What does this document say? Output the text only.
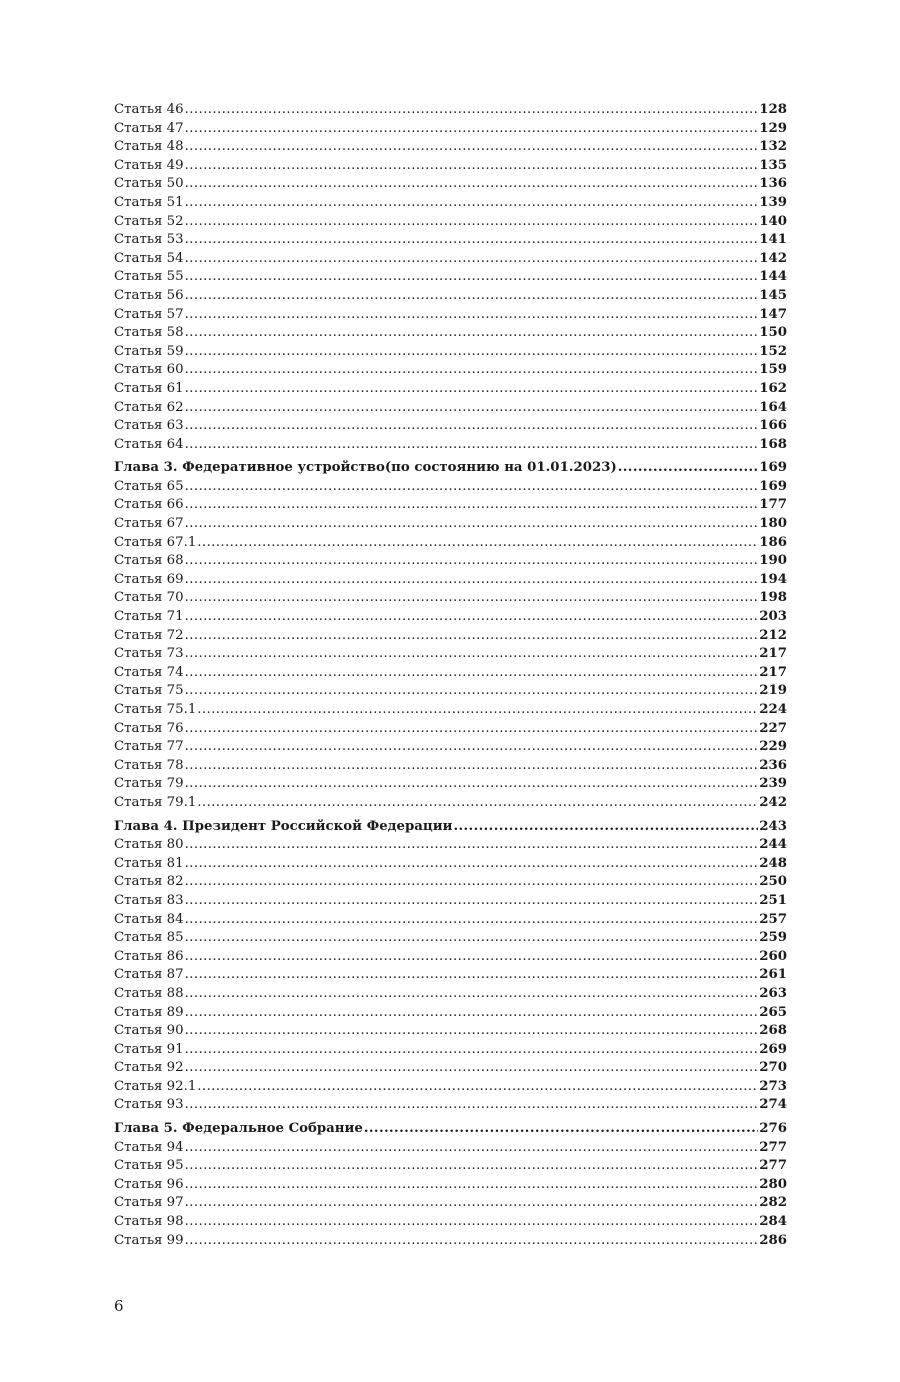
Статья 46 .....	128
Статья 47 .....	129
Статья 48 .....	132
Статья 49 .....	135
Статья 50 .....	136
Статья 51 .....	139
Статья 52 .....	140
Статья 53 .....	141
Статья 54 .....	142
Статья 55 .....	144
Статья 56 .....	145
Статья 57 .....	147
Статья 58 .....	150
Статья 59 .....	152
Статья 60 .....	159
Статья 61 .....	162
Статья 62 .....	164
Статья 63 .....	166
Статья 64 .....	168
Глава 3. Федеративное устройство(по состоянию на 01.01.2023) .....	169
Статья 65 .....	169
Статья 66 .....	177
Статья 67 .....	180
Статья 67.1 .....	186
Статья 68 .....	190
Статья 69 .....	194
Статья 70 .....	198
Статья 71 .....	203
Статья 72 .....	212
Статья 73 .....	217
Статья 74 .....	217
Статья 75 .....	219
Статья 75.1 .....	224
Статья 76 .....	227
Статья 77 .....	229
Статья 78 .....	236
Статья 79 .....	239
Статья 79.1 .....	242
Глава 4. Президент Российской Федерации .....	243
Статья 80 .....	244
Статья 81 .....	248
Статья 82 .....	250
Статья 83 .....	251
Статья 84 .....	257
Статья 85 .....	259
Статья 86 .....	260
Статья 87 .....	261
Статья 88 .....	263
Статья 89 .....	265
Статья 90 .....	268
Статья 91 .....	269
Статья 92 .....	270
Статья 92.1 .....	273
Статья 93 .....	274
Глава 5. Федеральное Собрание .....	276
Статья 94 .....	277
Статья 95 .....	277
Статья 96 .....	280
Статья 97 .....	282
Статья 98 .....	284
Статья 99 .....	286
6
